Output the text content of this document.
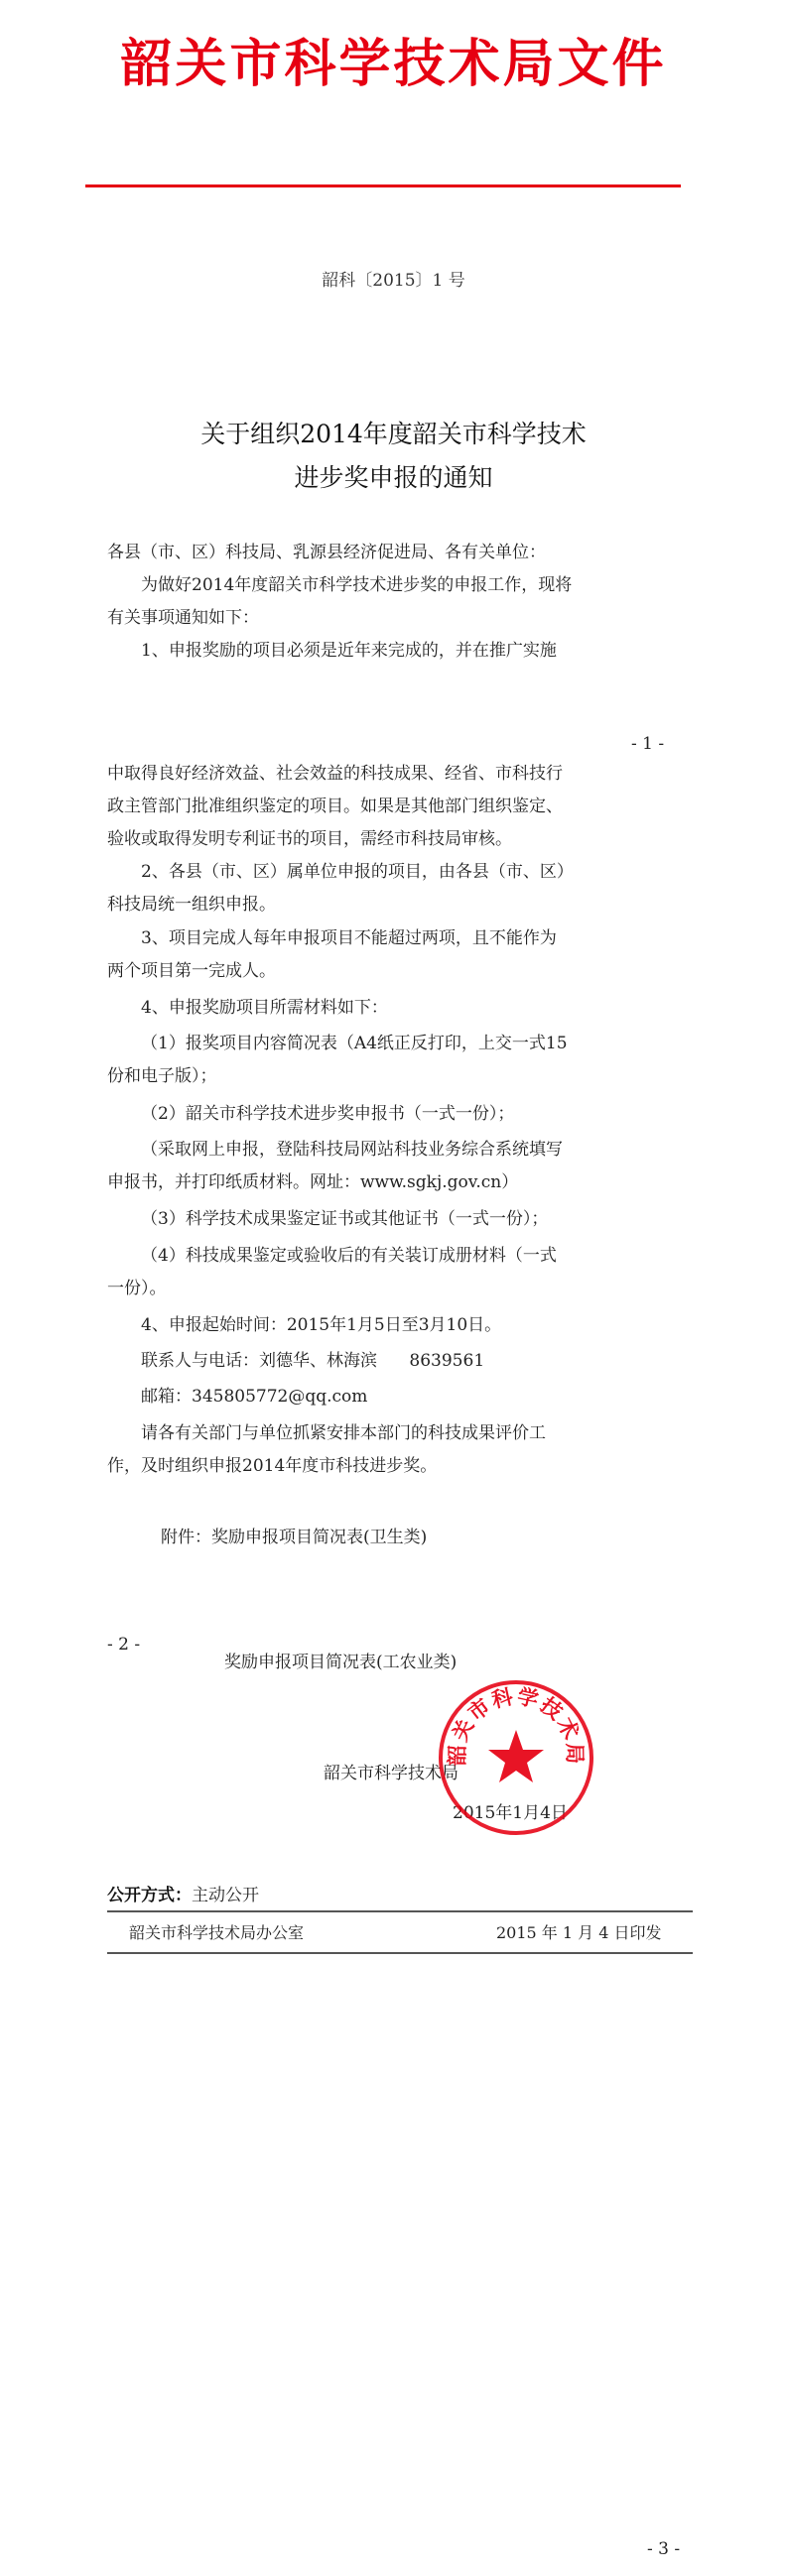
韶关市科学技术局文件
韶科〔2015〕1 号
关于组织2014年度韶关市科学技术
进步奖申报的通知
各县（市、区）科技局、乳源县经济促进局、各有关单位：
为做好2014年度韶关市科学技术进步奖的申报工作，现将
有关事项通知如下：
1、申报奖励的项目必须是近年来完成的，并在推广实施
- 1 -
中取得良好经济效益、社会效益的科技成果、经省、市科技行
政主管部门批准组织鉴定的项目。如果是其他部门组织鉴定、
验收或取得发明专利证书的项目，需经市科技局审核。
2、各县（市、区）属单位申报的项目，由各县（市、区）
科技局统一组织申报。
3、项目完成人每年申报项目不能超过两项，且不能作为
两个项目第一完成人。
4、申报奖励项目所需材料如下：
（1）报奖项目内容简况表（A4纸正反打印，上交一式15
份和电子版）；
（2）韶关市科学技术进步奖申报书（一式一份）；
（采取网上申报，登陆科技局网站科技业务综合系统填写
申报书，并打印纸质材料。网址：www.sgkj.gov.cn）
（3）科学技术成果鉴定证书或其他证书（一式一份）；
（4）科技成果鉴定或验收后的有关装订成册材料（一式
一份）。
4、申报起始时间：2015年1月5日至3月10日。
联系人与电话：刘德华、林海滨      8639561
邮箱：345805772@qq.com
请各有关部门与单位抓紧安排本部门的科技成果评价工
作，及时组织申报2014年度市科技进步奖。
附件：奖励申报项目简况表(卫生类)
- 2 -
奖励申报项目简况表(工农业类)
韶关市科学技术局
2015年1月4日
韶关市科学技术局
公开方式：主动公开
韶关市科学技术局办公室	2015 年 1 月 4 日印发
- 3 -
